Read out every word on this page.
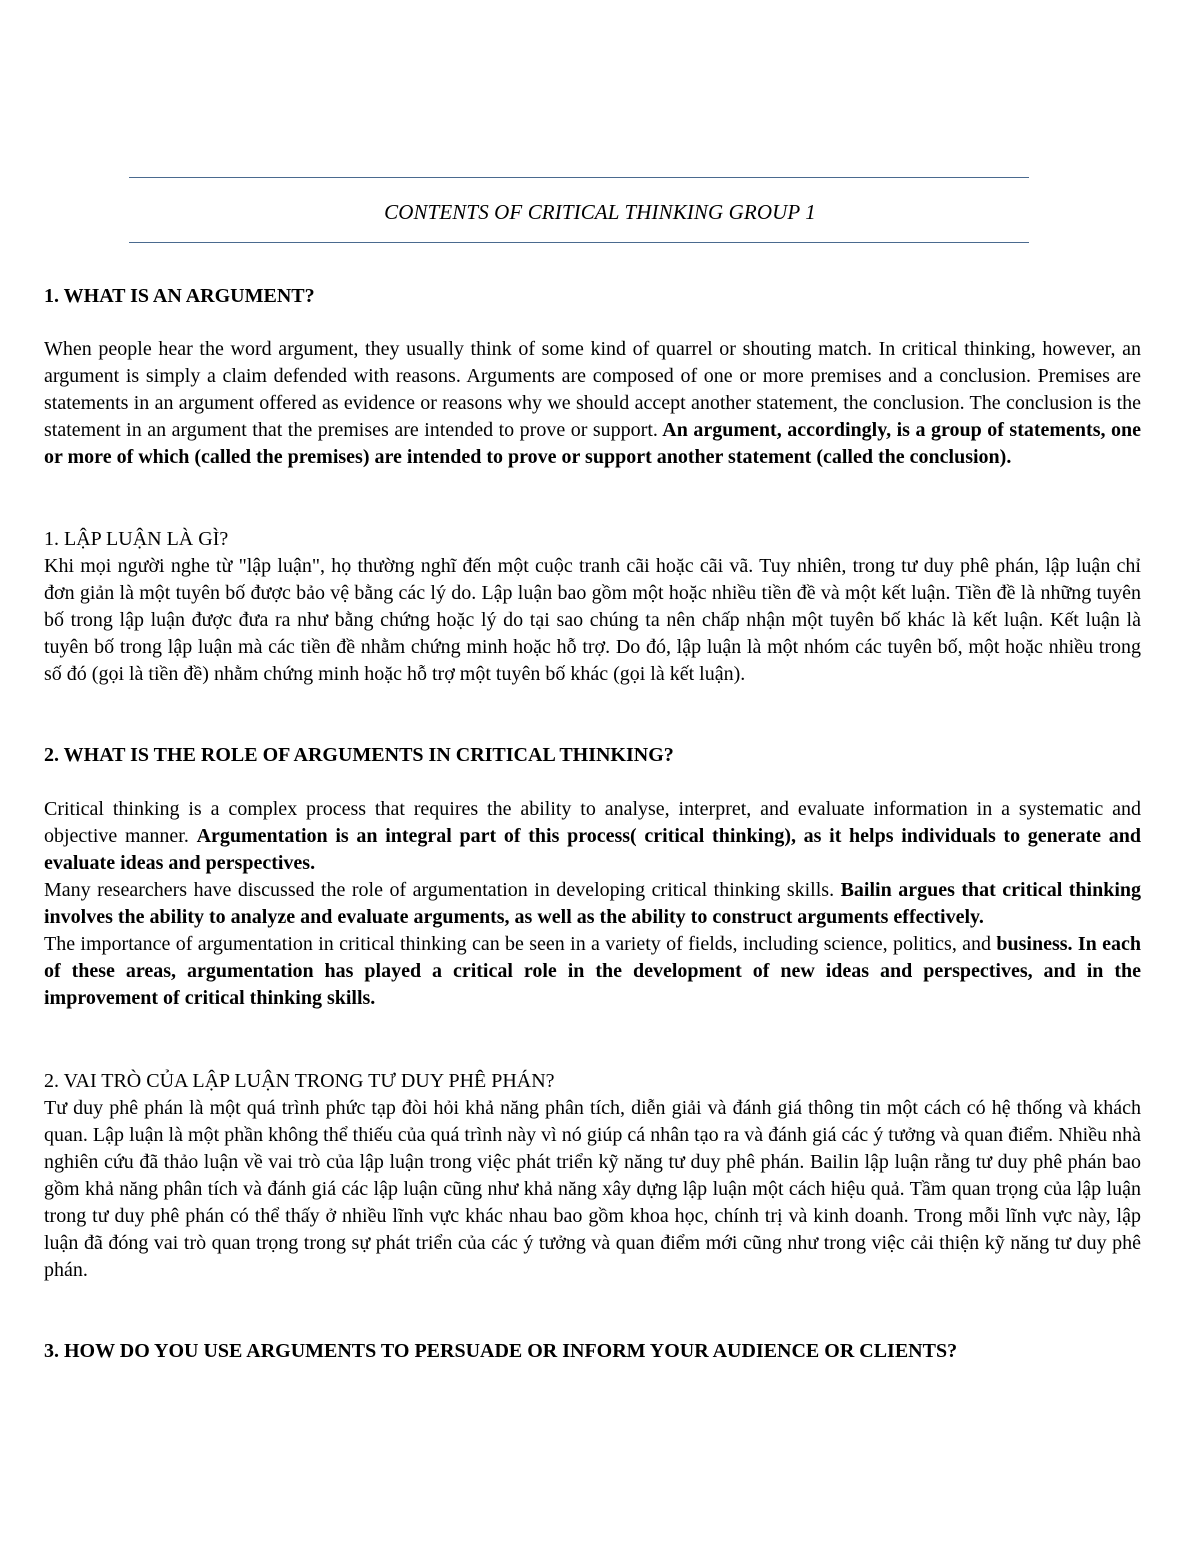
CONTENTS OF CRITICAL THINKING GROUP 1
1. WHAT IS AN ARGUMENT?

When people hear the word argument, they usually think of some kind of quarrel or shouting match. In critical thinking, however, an argument is simply a claim defended with reasons. Arguments are composed of one or more premises and a conclusion. Premises are statements in an argument offered as evidence or reasons why we should accept another statement, the conclusion. The conclusion is the statement in an argument that the premises are intended to prove or support. An argument, accordingly, is a group of statements, one or more of which (called the premises) are intended to prove or support another statement (called the conclusion).

1. LẬP LUẬN LÀ GÌ?

Khi mọi người nghe từ "lập luận", họ thường nghĩ đến một cuộc tranh cãi hoặc cãi vã. Tuy nhiên, trong tư duy phê phán, lập luận chỉ đơn giản là một tuyên bố được bảo vệ bằng các lý do. Lập luận bao gồm một hoặc nhiều tiền đề và một kết luận. Tiền đề là những tuyên bố trong lập luận được đưa ra như bằng chứng hoặc lý do tại sao chúng ta nên chấp nhận một tuyên bố khác là kết luận. Kết luận là tuyên bố trong lập luận mà các tiền đề nhằm chứng minh hoặc hỗ trợ. Do đó, lập luận là một nhóm các tuyên bố, một hoặc nhiều trong số đó (gọi là tiền đề) nhằm chứng minh hoặc hỗ trợ một tuyên bố khác (gọi là kết luận).

2. WHAT IS THE ROLE OF ARGUMENTS IN CRITICAL THINKING?

Critical thinking is a complex process that requires the ability to analyse, interpret, and evaluate information in a systematic and objective manner. Argumentation is an integral part of this process( critical thinking), as it helps individuals to generate and evaluate ideas and perspectives.

Many researchers have discussed the role of argumentation in developing critical thinking skills. Bailin argues that critical thinking involves the ability to analyze and evaluate arguments, as well as the ability to construct arguments effectively.

The importance of argumentation in critical thinking can be seen in a variety of fields, including science, politics, and business. In each of these areas, argumentation has played a critical role in the development of new ideas and perspectives, and in the improvement of critical thinking skills.

2. VAI TRÒ CỦA LẬP LUẬN TRONG TƯ DUY PHÊ PHÁN?

Tư duy phê phán là một quá trình phức tạp đòi hỏi khả năng phân tích, diễn giải và đánh giá thông tin một cách có hệ thống và khách quan. Lập luận là một phần không thể thiếu của quá trình này vì nó giúp cá nhân tạo ra và đánh giá các ý tưởng và quan điểm. Nhiều nhà nghiên cứu đã thảo luận về vai trò của lập luận trong việc phát triển kỹ năng tư duy phê phán. Bailin lập luận rằng tư duy phê phán bao gồm khả năng phân tích và đánh giá các lập luận cũng như khả năng xây dựng lập luận một cách hiệu quả. Tầm quan trọng của lập luận trong tư duy phê phán có thể thấy ở nhiều lĩnh vực khác nhau bao gồm khoa học, chính trị và kinh doanh. Trong mỗi lĩnh vực này, lập luận đã đóng vai trò quan trọng trong sự phát triển của các ý tưởng và quan điểm mới cũng như trong việc cải thiện kỹ năng tư duy phê phán.

3. HOW DO YOU USE ARGUMENTS TO PERSUADE OR INFORM YOUR AUDIENCE OR CLIENTS?
